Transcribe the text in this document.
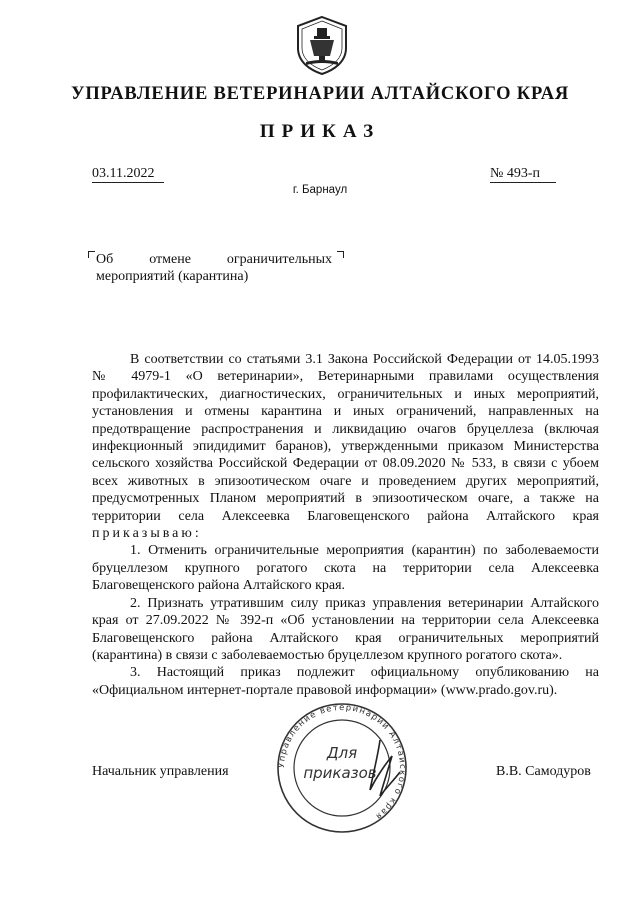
УПРАВЛЕНИЕ ВЕТЕРИНАРИИ АЛТАЙСКОГО КРАЯ
ПРИКАЗ
03.11.2022	№ 493-п
г. Барнаул
Об	отмене	ограничительных
мероприятий (карантина)

В соответствии со статьями 3.1 Закона Российской Федерации от 14.05.1993 № 4979-1 «О ветеринарии», Ветеринарными правилами осуществления профилактических, диагностических, ограничительных и иных мероприятий, установления и отмены карантина и иных ограничений, направленных на предотвращение распространения и ликвидацию очагов бруцеллеза (включая инфекционный эпидидимит баранов), утвержденными приказом Министерства сельского хозяйства Российской Федерации от 08.09.2020 № 533, в связи с убоем всех животных в эпизоотическом очаге и проведением других мероприятий, предусмотренных Планом мероприятий в эпизоотическом очаге, а также на территории села Алексеевка Благовещенского района Алтайского края приказываю:

1. Отменить ограничительные мероприятия (карантин) по заболеваемости бруцеллезом крупного рогатого скота на территории села Алексеевка Благовещенского района Алтайского края.

2. Признать утратившим силу приказ управления ветеринарии Алтайского края от 27.09.2022 № 392-п «Об установлении на территории села Алексеевка Благовещенского района Алтайского края ограничительных мероприятий (карантина) в связи с заболеваемостью бруцеллезом крупного рогатого скота».

3. Настоящий приказ подлежит официальному опубликованию на «Официальном интернет-портале правовой информации» (www.prado.gov.ru).

Начальник управления	В.В. Самодуров
Управление ветеринарии Алтайского края
Для
приказов
